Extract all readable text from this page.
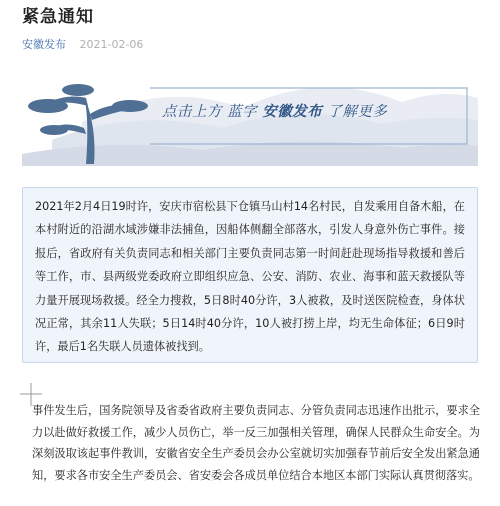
紧急通知
安徽发布 2021-02-06
点击上方 蓝字 安徽发布 了解更多
2021年2月4日19时许，安庆市宿松县下仓镇马山村14名村民，自发乘用自备木船，在本村附近的沿湖水域涉嫌非法捕鱼，因船体侧翻全部落水，引发人身意外伤亡事件。接报后，省政府有关负责同志和相关部门主要负责同志第一时间赶赴现场指导救援和善后等工作，市、县两级党委政府立即组织应急、公安、消防、农业、海事和蓝天救援队等力量开展现场救援。经全力搜救，5日8时40分许，3人被救，及时送医院检查，身体状况正常，其余11人失联；5日14时40分许，10人被打捞上岸，均无生命体征；6日9时许，最后1名失联人员遗体被找到。
事件发生后，国务院领导及省委省政府主要负责同志、分管负责同志迅速作出批示，要求全力以赴做好救援工作，减少人员伤亡，举一反三加强相关管理，确保人民群众生命安全。为深刻汲取该起事件教训，安徽省安全生产委员会办公室就切实加强春节前后安全发出紧急通知，要求各市安全生产委员会、省安委会各成员单位结合本地区本部门实际认真贯彻落实。
